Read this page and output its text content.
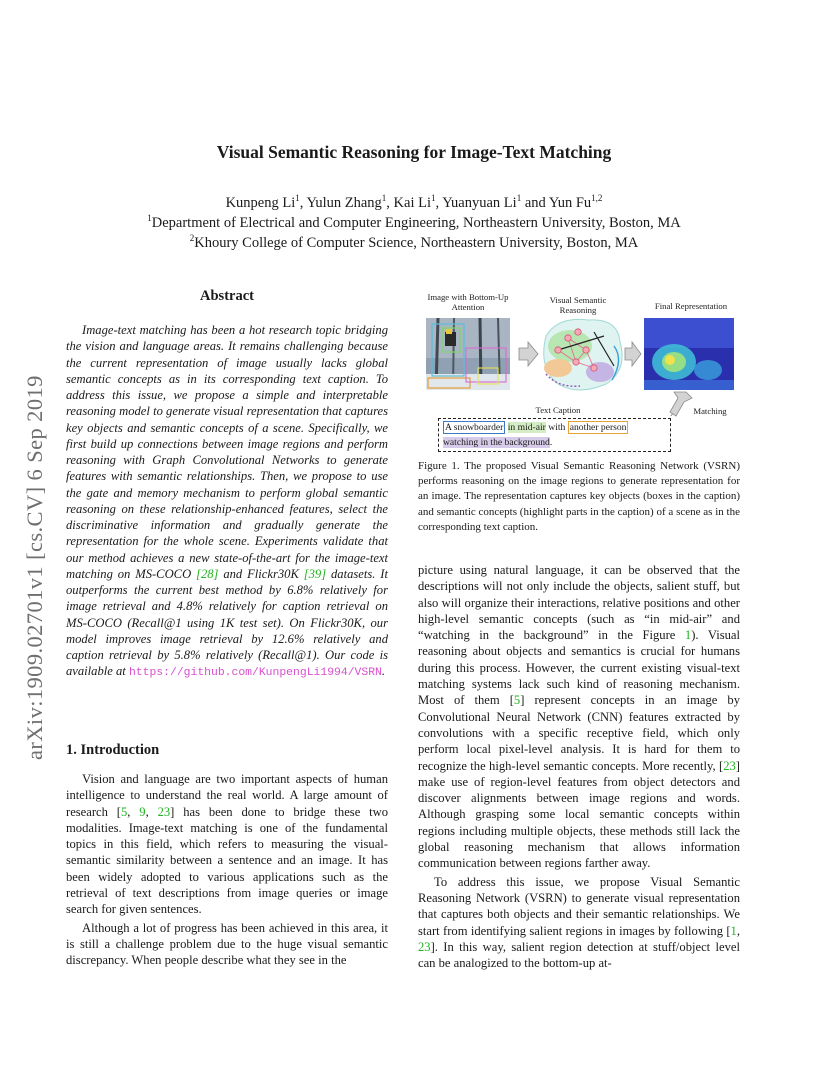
arXiv:1909.02701v1 [cs.CV] 6 Sep 2019
Visual Semantic Reasoning for Image-Text Matching
Kunpeng Li$^1$, Yulun Zhang$^1$, Kai Li$^1$, Yuanyuan Li$^1$ and Yun Fu$^{1,2}$
$^1$Department of Electrical and Computer Engineering, Northeastern University, Boston, MA
$^2$Khoury College of Computer Science, Northeastern University, Boston, MA
Abstract

Image-text matching has been a hot research topic bridging the vision and language areas. It remains challenging because the current representation of image usually lacks global semantic concepts as in its corresponding text caption. To address this issue, we propose a simple and interpretable reasoning model to generate visual representation that captures key objects and semantic concepts of a scene. Specifically, we first build up connections between image regions and perform reasoning with Graph Convolutional Networks to generate features with semantic relationships. Then, we propose to use the gate and memory mechanism to perform global semantic reasoning on these relationship-enhanced features, select the discriminative information and gradually generate the representation for the whole scene. Experiments validate that our method achieves a new state-of-the-art for the image-text matching on MS-COCO [28] and Flickr30K [39] datasets. It outperforms the current best method by 6.8% relatively for image retrieval and 4.8% relatively for caption retrieval on MS-COCO (Recall@1 using 1K test set). On Flickr30K, our model improves image retrieval by 12.6% relatively and caption retrieval by 5.8% relatively (Recall@1). Our code is available at https://github.com/KunpengLi1994/VSRN.

1. Introduction

Vision and language are two important aspects of human intelligence to understand the real world. A large amount of research [5, 9, 23] has been done to bridge these two modalities. Image-text matching is one of the fundamental topics in this field, which refers to measuring the visual-semantic similarity between a sentence and an image. It has been widely adopted to various applications such as the retrieval of text descriptions from image queries or image search for given sentences.

Although a lot of progress has been achieved in this area, it is still a challenge problem due to the huge visual semantic discrepancy. When people describe what they see in the

Image with Bottom-Up Attention
Visual Semantic Reasoning	Final Representation
Text Caption	Matching
A snowboarder in mid-air with another person
watching in the background.
Figure 1. The proposed Visual Semantic Reasoning Network (VSRN) performs reasoning on the image regions to generate representation for an image. The representation captures key objects (boxes in the caption) and semantic concepts (highlight parts in the caption) of a scene as in the corresponding text caption.

picture using natural language, it can be observed that the descriptions will not only include the objects, salient stuff, but also will organize their interactions, relative positions and other high-level semantic concepts (such as “in mid-air” and “watching in the background” in the Figure 1). Visual reasoning about objects and semantics is crucial for humans during this process. However, the current existing visual-text matching systems lack such kind of reasoning mechanism. Most of them [5] represent concepts in an image by Convolutional Neural Network (CNN) features extracted by convolutions with a specific receptive field, which only perform local pixel-level analysis. It is hard for them to recognize the high-level semantic concepts. More recently, [23] make use of region-level features from object detectors and discover alignments between image regions and words. Although grasping some local semantic concepts within regions including multiple objects, these methods still lack the global reasoning mechanism that allows information communication between regions farther away.

To address this issue, we propose Visual Semantic Reasoning Network (VSRN) to generate visual representation that captures both objects and their semantic relationships. We start from identifying salient regions in images by following [1, 23]. In this way, salient region detection at stuff/object level can be analogized to the bottom-up at-
